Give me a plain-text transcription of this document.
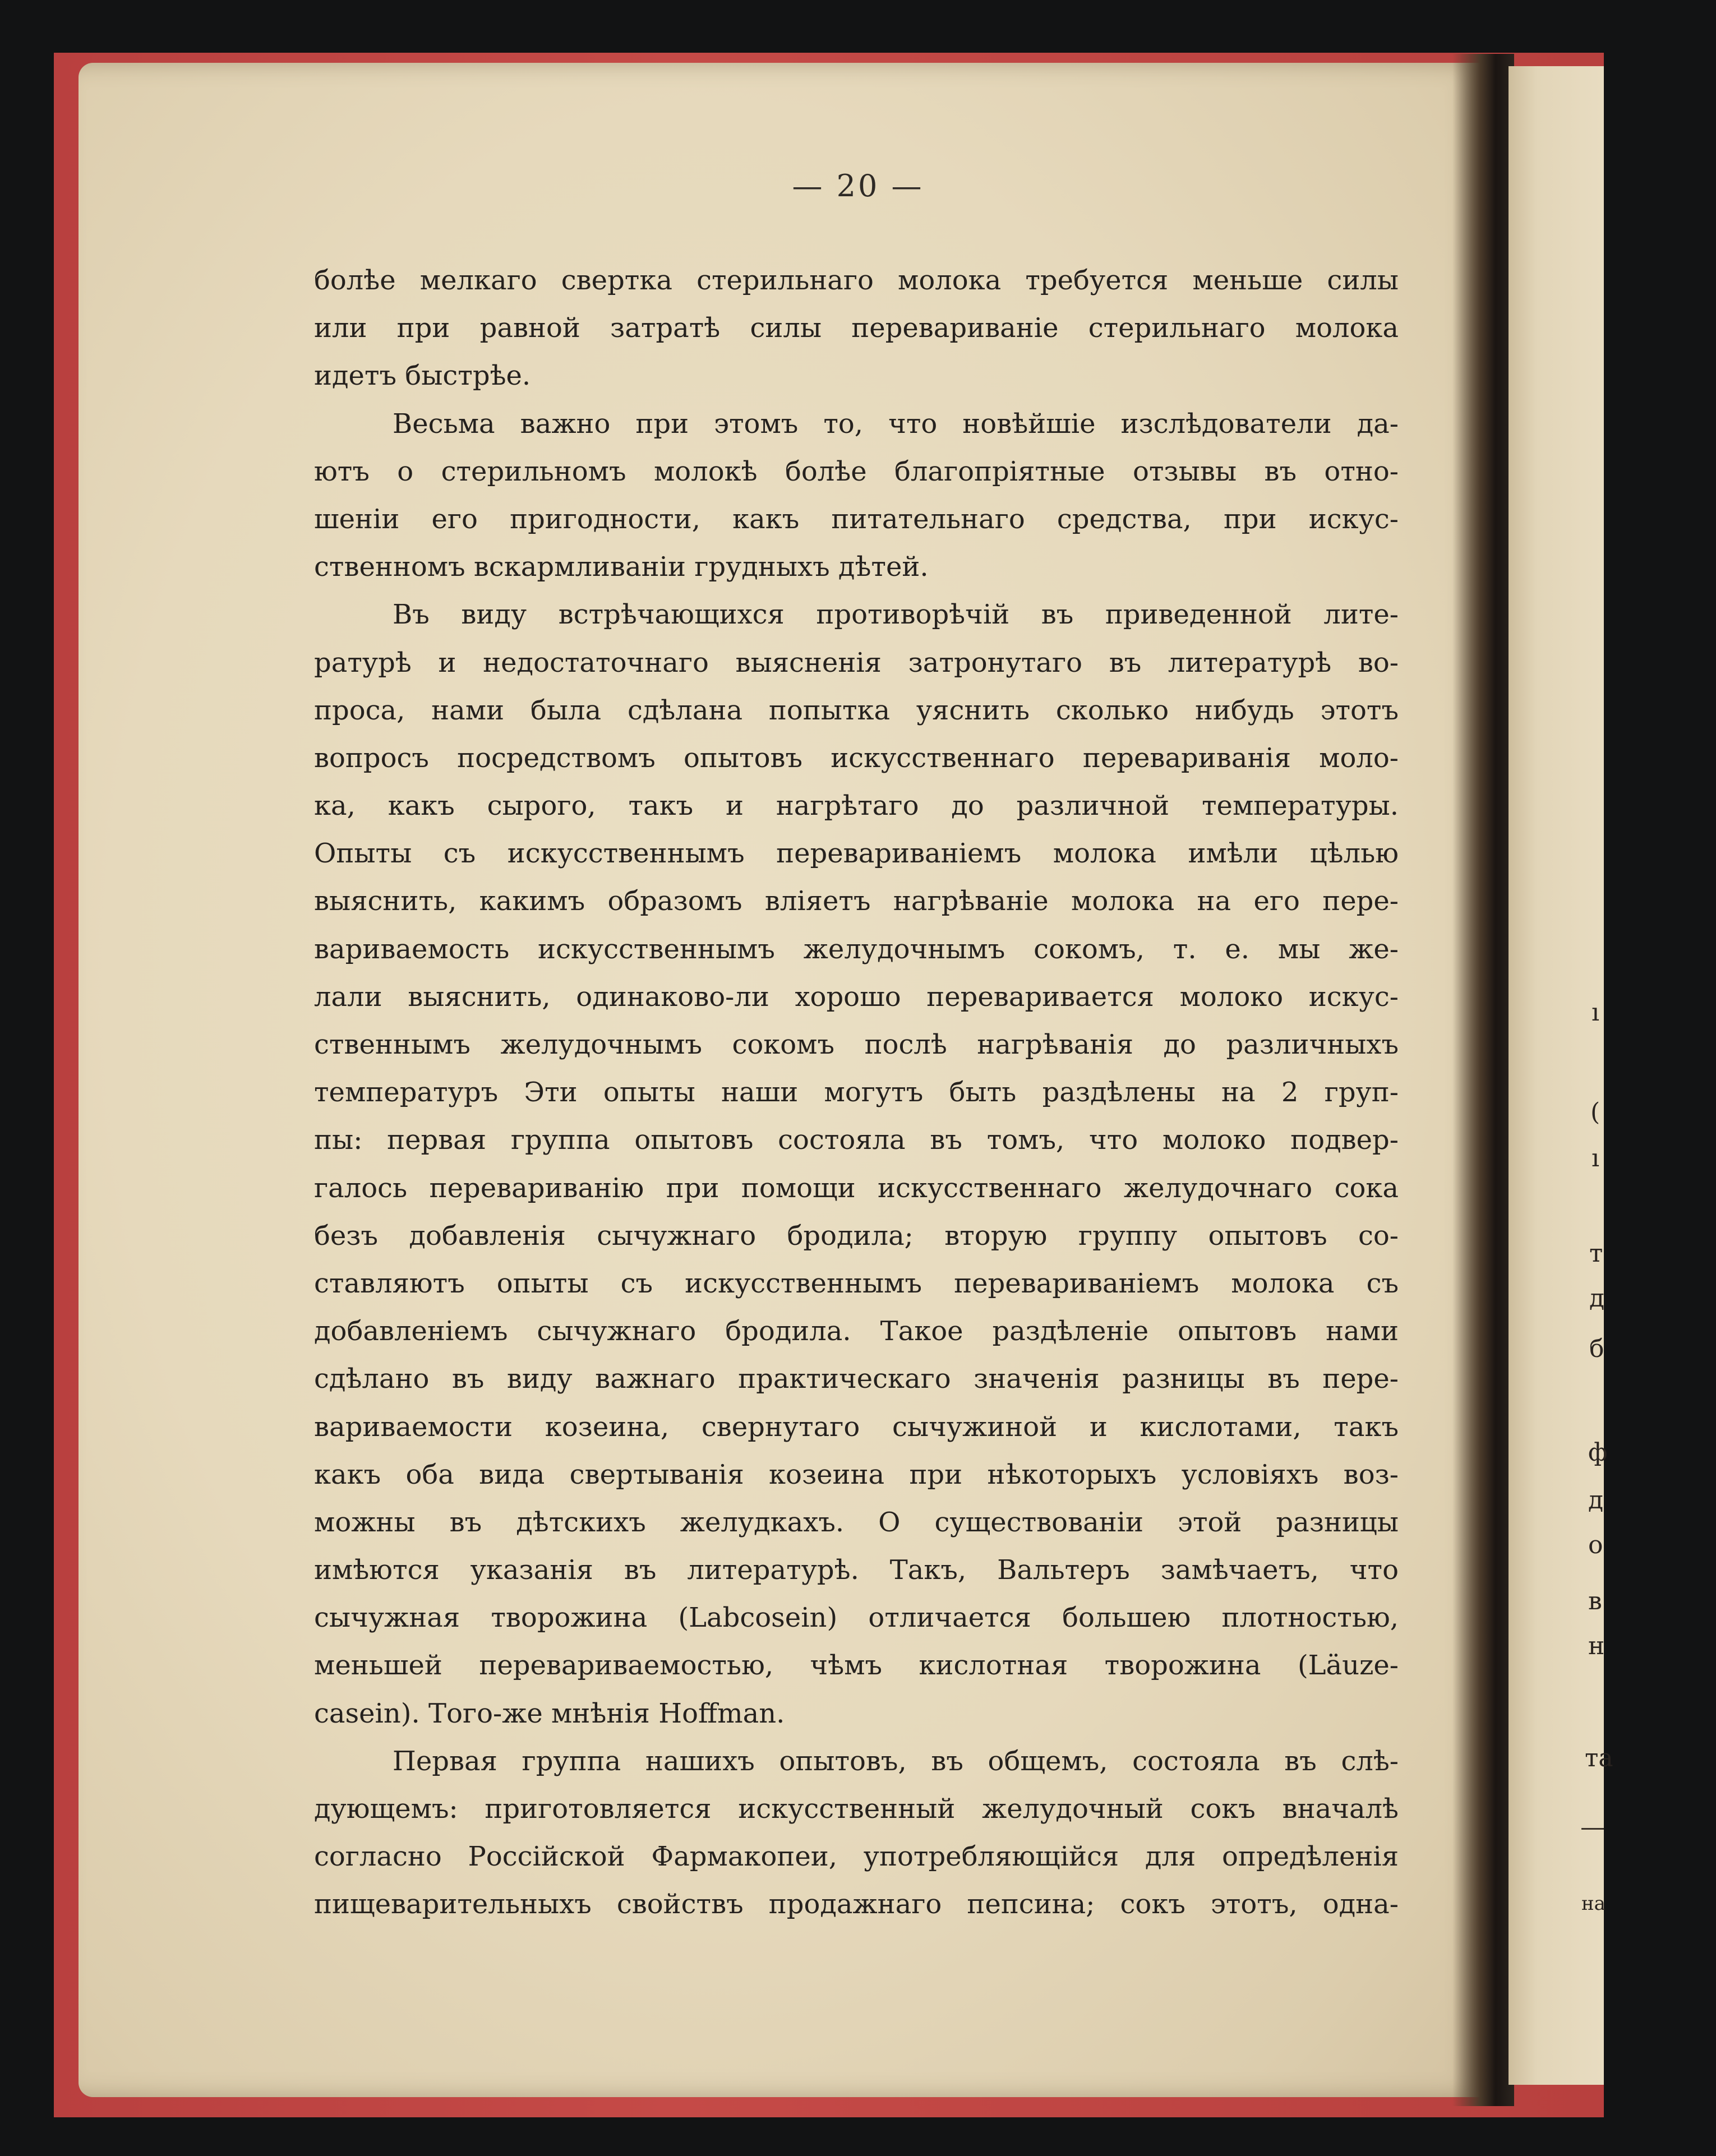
(
ı
ı
т
д
б
ф
д
о
в
н
та
на
— 20 —
болѣе мелкаго свертка стерильнаго молока требуется меньше силы
или при равной затратѣ силы перевариваніе стерильнаго молока
идетъ быстрѣе.
Весьма важно при этомъ то, что новѣйшіе изслѣдователи да-
ютъ о стерильномъ молокѣ болѣе благопріятные отзывы въ отно-
шеніи его пригодности, какъ питательнаго средства, при искус-
ственномъ вскармливаніи грудныхъ дѣтей.
Въ виду встрѣчающихся противорѣчій въ приведенной лите-
ратурѣ и недостаточнаго выясненія затронутаго въ литературѣ во-
проса, нами была сдѣлана попытка уяснить сколько нибудь этотъ
вопросъ посредствомъ опытовъ искусственнаго перевариванія моло-
ка, какъ сырого, такъ и нагрѣтаго до различной температуры.
Опыты съ искусственнымъ перевариваніемъ молока имѣли цѣлью
выяснить, какимъ образомъ вліяетъ нагрѣваніе молока на его пере-
вариваемость искусственнымъ желудочнымъ сокомъ, т. е. мы же-
лали выяснить, одинаково-ли хорошо переваривается молоко искус-
ственнымъ желудочнымъ сокомъ послѣ нагрѣванія до различныхъ
температуръ Эти опыты наши могутъ быть раздѣлены на 2 груп-
пы: первая группа опытовъ состояла въ томъ, что молоко подвер-
галось перевариванію при помощи искусственнаго желудочнаго сока
безъ добавленія сычужнаго бродила; вторую группу опытовъ со-
ставляютъ опыты съ искусственнымъ перевариваніемъ молока съ
добавленіемъ сычужнаго бродила. Такое раздѣленіе опытовъ нами
сдѣлано въ виду важнаго практическаго значенія разницы въ пере-
вариваемости козеина, свернутаго сычужиной и кислотами, такъ
какъ оба вида свертыванія козеина при нѣкоторыхъ условіяхъ воз-
можны въ дѣтскихъ желудкахъ. О существованіи этой разницы
имѣются указанія въ литературѣ. Такъ, Вальтеръ замѣчаетъ, что
сычужная творожина (Labcosein) отличается большею плотностью,
меньшей перевариваемостью, чѣмъ кислотная творожина (Läuze-
casein). Того-же мнѣнія Hoffman.
Первая группа нашихъ опытовъ, въ общемъ, состояла въ слѣ-
дующемъ: приготовляется искусственный желудочный сокъ вначалѣ
согласно Россійской Фармакопеи, употребляющійся для опредѣленія
пищеварительныхъ свойствъ продажнаго пепсина; сокъ этотъ, одна-
